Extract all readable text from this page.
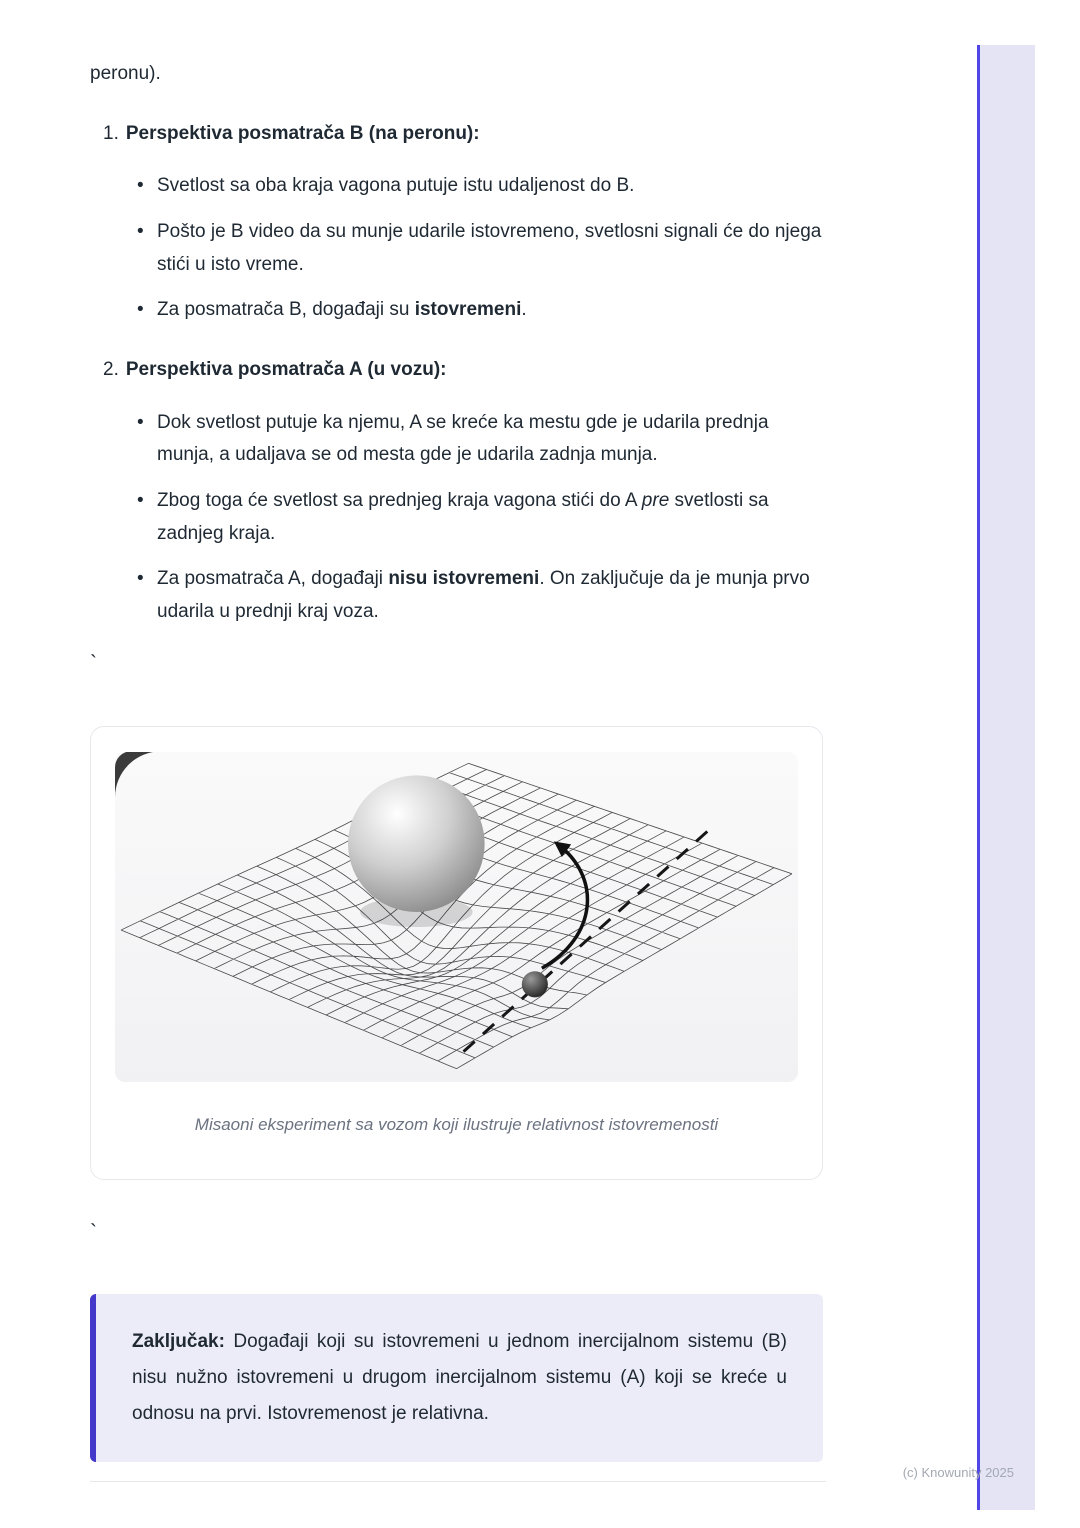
peronu).

1. Perspektiva posmatrača B (na peronu):
• Svetlost sa oba kraja vagona putuje istu udaljenost do B.
• Pošto je B video da su munje udarile istovremeno, svetlosni signali će do njega stići u isto vreme.
• Za posmatrača B, događaji su istovremeni.
2. Perspektiva posmatrača A (u vozu):
• Dok svetlost putuje ka njemu, A se kreće ka mestu gde je udarila prednja munja, a udaljava se od mesta gde je udarila zadnja munja.
• Zbog toga će svetlost sa prednjeg kraja vagona stići do A pre svetlosti sa zadnjeg kraja.
• Za posmatrača A, događaji nisu istovremeni. On zaključuje da je munja prvo udarila u prednji kraj voza.

`

Misaoni eksperiment sa vozom koji ilustruje relativnost istovremenosti

`

Zaključak: Događaji koji su istovremeni u jednom inercijalnom sistemu (B) nisu nužno istovremeni u drugom inercijalnom sistemu (A) koji se kreće u odnosu na prvi. Istovremenost je relativna.
(c) Knowunity 2025
